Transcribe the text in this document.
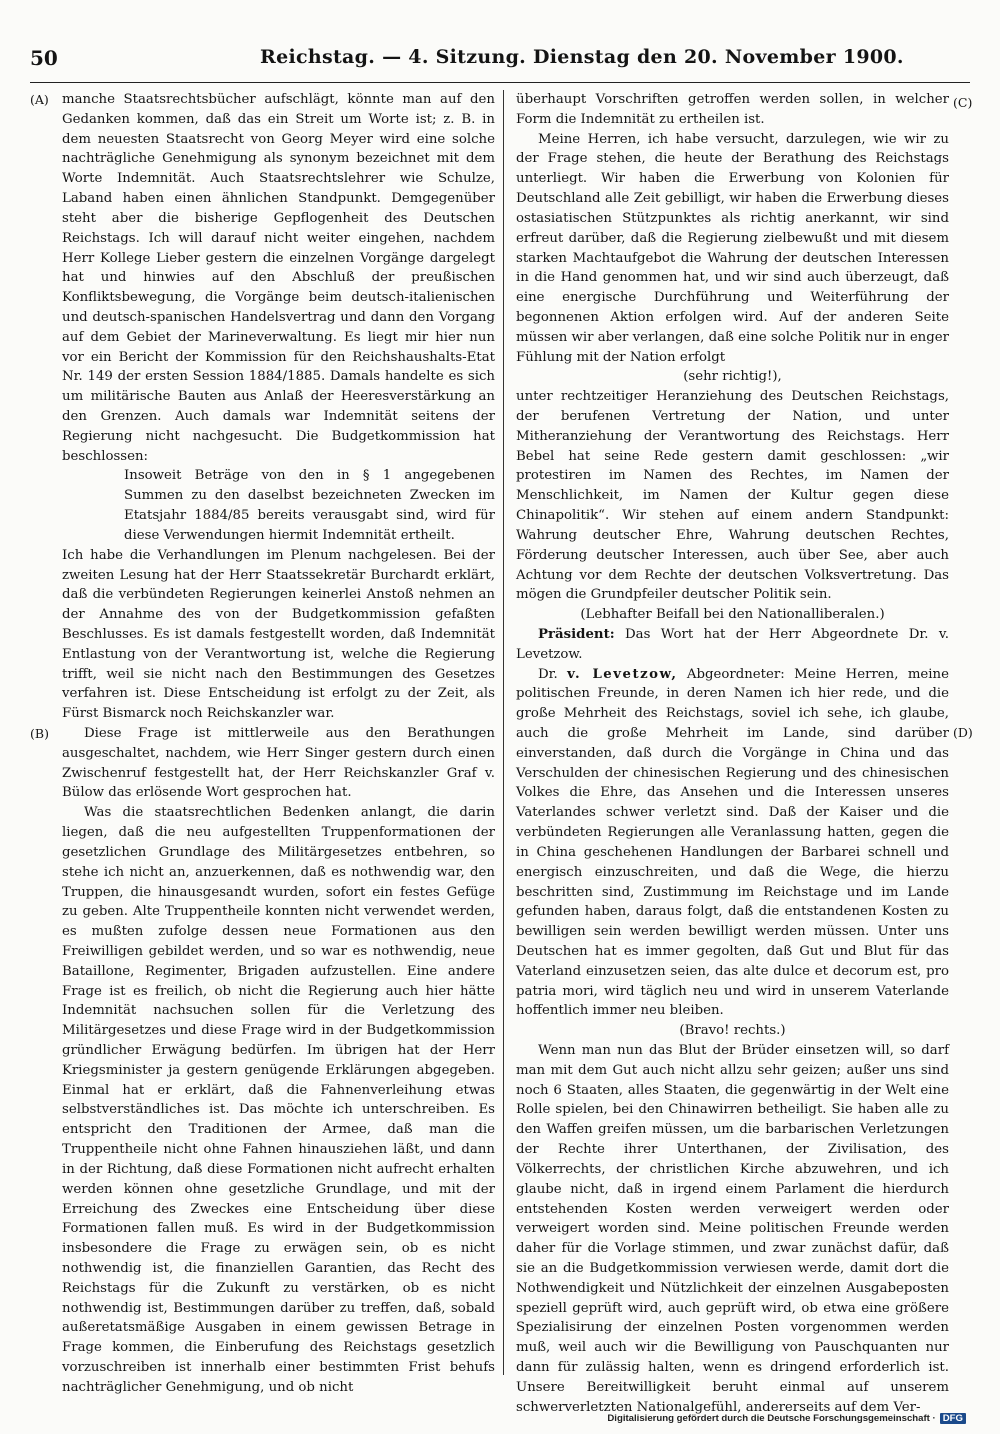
50	Reichstag. — 4. Sitzung. Dienstag den 20. November 1900.
(A)
(B)
(C)
(D)

manche Staatsrechtsbücher aufschlägt, könnte man auf den Gedanken kommen, daß das ein Streit um Worte ist; z. B. in dem neuesten Staatsrecht von Georg Meyer wird eine solche nachträgliche Genehmigung als synonym bezeichnet mit dem Worte Indemnität. Auch Staatsrechtslehrer wie Schulze, Laband haben einen ähnlichen Standpunkt. Demgegenüber steht aber die bisherige Gepflogenheit des Deutschen Reichstags. Ich will darauf nicht weiter eingehen, nachdem Herr Kollege Lieber gestern die einzelnen Vorgänge dargelegt hat und hinwies auf den Abschluß der preußischen Konfliktsbewegung, die Vorgänge beim deutsch-italienischen und deutsch-spanischen Handelsvertrag und dann den Vorgang auf dem Gebiet der Marineverwaltung. Es liegt mir hier nun vor ein Bericht der Kommission für den Reichshaushalts-Etat Nr. 149 der ersten Session 1884/1885. Damals handelte es sich um militärische Bauten aus Anlaß der Heeresverstärkung an den Grenzen. Auch damals war Indemnität seitens der Regierung nicht nachgesucht. Die Budgetkommission hat beschlossen:

Insoweit Beträge von den in § 1 angegebenen Summen zu den daselbst bezeichneten Zwecken im Etatsjahr 1884/85 bereits verausgabt sind, wird für diese Verwendungen hiermit Indemnität ertheilt.

Ich habe die Verhandlungen im Plenum nachgelesen. Bei der zweiten Lesung hat der Herr Staatssekretär Burchardt erklärt, daß die verbündeten Regierungen keinerlei Anstoß nehmen an der Annahme des von der Budgetkommission gefaßten Beschlusses. Es ist damals festgestellt worden, daß Indemnität Entlastung von der Verantwortung ist, welche die Regierung trifft, weil sie nicht nach den Bestimmungen des Gesetzes verfahren ist. Diese Entscheidung ist erfolgt zu der Zeit, als Fürst Bismarck noch Reichskanzler war.

Diese Frage ist mittlerweile aus den Berathungen ausgeschaltet, nachdem, wie Herr Singer gestern durch einen Zwischenruf festgestellt hat, der Herr Reichskanzler Graf v. Bülow das erlösende Wort gesprochen hat.

Was die staatsrechtlichen Bedenken anlangt, die darin liegen, daß die neu aufgestellten Truppenformationen der gesetzlichen Grundlage des Militärgesetzes entbehren, so stehe ich nicht an, anzuerkennen, daß es nothwendig war, den Truppen, die hinausgesandt wurden, sofort ein festes Gefüge zu geben. Alte Truppentheile konnten nicht verwendet werden, es mußten zufolge dessen neue Formationen aus den Freiwilligen gebildet werden, und so war es nothwendig, neue Bataillone, Regimenter, Brigaden aufzustellen. Eine andere Frage ist es freilich, ob nicht die Regierung auch hier hätte Indemnität nachsuchen sollen für die Verletzung des Militärgesetzes und diese Frage wird in der Budgetkommission gründlicher Erwägung bedürfen. Im übrigen hat der Herr Kriegsminister ja gestern genügende Erklärungen abgegeben. Einmal hat er erklärt, daß die Fahnenverleihung etwas selbstverständliches ist. Das möchte ich unterschreiben. Es entspricht den Traditionen der Armee, daß man die Truppentheile nicht ohne Fahnen hinausziehen läßt, und dann in der Richtung, daß diese Formationen nicht aufrecht erhalten werden können ohne gesetzliche Grundlage, und mit der Erreichung des Zweckes eine Entscheidung über diese Formationen fallen muß. Es wird in der Budgetkommission insbesondere die Frage zu erwägen sein, ob es nicht nothwendig ist, die finanziellen Garantien, das Recht des Reichstags für die Zukunft zu verstärken, ob es nicht nothwendig ist, Bestimmungen darüber zu treffen, daß, sobald außeretatsmäßige Ausgaben in einem gewissen Betrage in Frage kommen, die Einberufung des Reichstags gesetzlich vorzuschreiben ist innerhalb einer bestimmten Frist behufs nachträglicher Genehmigung, und ob nicht

überhaupt Vorschriften getroffen werden sollen, in welcher Form die Indemnität zu ertheilen ist.

Meine Herren, ich habe versucht, darzulegen, wie wir zu der Frage stehen, die heute der Berathung des Reichstags unterliegt. Wir haben die Erwerbung von Kolonien für Deutschland alle Zeit gebilligt, wir haben die Erwerbung dieses ostasiatischen Stützpunktes als richtig anerkannt, wir sind erfreut darüber, daß die Regierung zielbewußt und mit diesem starken Machtaufgebot die Wahrung der deutschen Interessen in die Hand genommen hat, und wir sind auch überzeugt, daß eine energische Durchführung und Weiterführung der begonnenen Aktion erfolgen wird. Auf der anderen Seite müssen wir aber verlangen, daß eine solche Politik nur in enger Fühlung mit der Nation erfolgt

(sehr richtig!),

unter rechtzeitiger Heranziehung des Deutschen Reichstags, der berufenen Vertretung der Nation, und unter Mitheranziehung der Verantwortung des Reichstags. Herr Bebel hat seine Rede gestern damit geschlossen: „wir protestiren im Namen des Rechtes, im Namen der Menschlichkeit, im Namen der Kultur gegen diese Chinapolitik“. Wir stehen auf einem andern Standpunkt: Wahrung deutscher Ehre, Wahrung deutschen Rechtes, Förderung deutscher Interessen, auch über See, aber auch Achtung vor dem Rechte der deutschen Volksvertretung. Das mögen die Grundpfeiler deutscher Politik sein.

(Lebhafter Beifall bei den Nationalliberalen.)

Präsident: Das Wort hat der Herr Abgeordnete Dr. v. Levetzow.

Dr. v. Levetzow, Abgeordneter: Meine Herren, meine politischen Freunde, in deren Namen ich hier rede, und die große Mehrheit des Reichstags, soviel ich sehe, ich glaube, auch die große Mehrheit im Lande, sind darüber einverstanden, daß durch die Vorgänge in China und das Verschulden der chinesischen Regierung und des chinesischen Volkes die Ehre, das Ansehen und die Interessen unseres Vaterlandes schwer verletzt sind. Daß der Kaiser und die verbündeten Regierungen alle Veranlassung hatten, gegen die in China geschehenen Handlungen der Barbarei schnell und energisch einzuschreiten, und daß die Wege, die hierzu beschritten sind, Zustimmung im Reichstage und im Lande gefunden haben, daraus folgt, daß die entstandenen Kosten zu bewilligen sein werden bewilligt werden müssen. Unter uns Deutschen hat es immer gegolten, daß Gut und Blut für das Vaterland einzusetzen seien, das alte dulce et decorum est, pro patria mori, wird täglich neu und wird in unserem Vaterlande hoffentlich immer neu bleiben.

(Bravo! rechts.)

Wenn man nun das Blut der Brüder einsetzen will, so darf man mit dem Gut auch nicht allzu sehr geizen; außer uns sind noch 6 Staaten, alles Staaten, die gegenwärtig in der Welt eine Rolle spielen, bei den Chinawirren betheiligt. Sie haben alle zu den Waffen greifen müssen, um die barbarischen Verletzungen der Rechte ihrer Unterthanen, der Zivilisation, des Völkerrechts, der christlichen Kirche abzuwehren, und ich glaube nicht, daß in irgend einem Parlament die hierdurch entstehenden Kosten werden verweigert werden oder verweigert worden sind. Meine politischen Freunde werden daher für die Vorlage stimmen, und zwar zunächst dafür, daß sie an die Budgetkommission verwiesen werde, damit dort die Nothwendigkeit und Nützlichkeit der einzelnen Ausgabeposten speziell geprüft wird, auch geprüft wird, ob etwa eine größere Spezialisirung der einzelnen Posten vorgenommen werden muß, weil auch wir die Bewilligung von Pauschquanten nur dann für zulässig halten, wenn es dringend erforderlich ist. Unsere Bereitwilligkeit beruht einmal auf unserem schwerverletzten Nationalgefühl, andererseits auf dem Ver-

Digitalisierung gefördert durch die Deutsche Forschungsgemeinschaft · DFG
